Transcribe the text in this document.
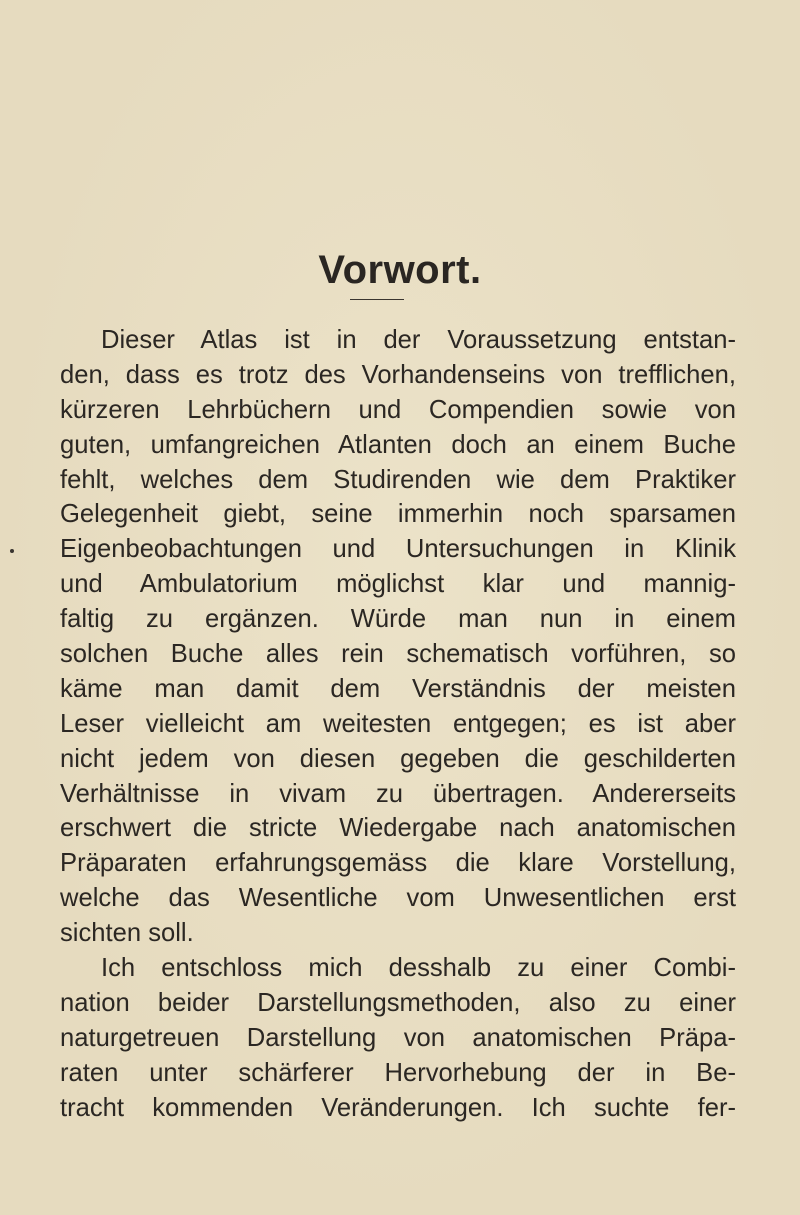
Vorwort.
Dieser Atlas ist in der Voraussetzung entstan-
den, dass es trotz des Vorhandenseins von trefflichen,
kürzeren Lehrbüchern und Compendien sowie von
guten, umfangreichen Atlanten doch an einem Buche
fehlt, welches dem Studirenden wie dem Praktiker
Gelegenheit giebt, seine immerhin noch sparsamen
Eigenbeobachtungen und Untersuchungen in Klinik
und Ambulatorium möglichst klar und mannig-
faltig zu ergänzen. Würde man nun in einem
solchen Buche alles rein schematisch vorführen, so
käme man damit dem Verständnis der meisten
Leser vielleicht am weitesten entgegen; es ist aber
nicht jedem von diesen gegeben die geschilderten
Verhältnisse in vivam zu übertragen. Andererseits
erschwert die stricte Wiedergabe nach anatomischen
Präparaten erfahrungsgemäss die klare Vorstellung,
welche das Wesentliche vom Unwesentlichen erst
sichten soll.
Ich entschloss mich desshalb zu einer Combi-
nation beider Darstellungsmethoden, also zu einer
naturgetreuen Darstellung von anatomischen Präpa-
raten unter schärferer Hervorhebung der in Be-
tracht kommenden Veränderungen. Ich suchte fer-
